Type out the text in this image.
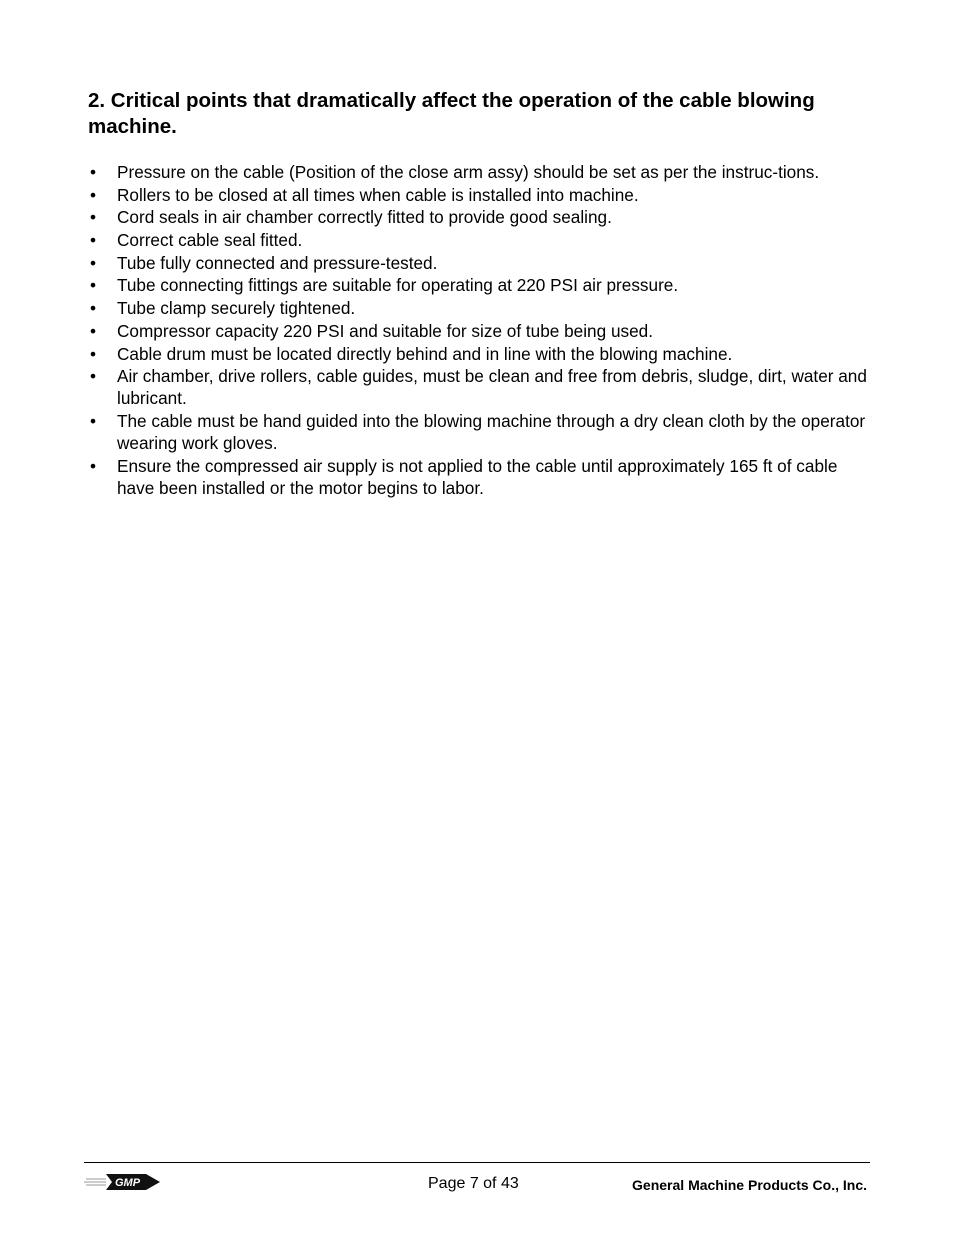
2. Critical points that dramatically affect the operation of the cable blowing machine.
•	Pressure on the cable (Position of the close arm assy) should be set as per the instruc-tions.
•	Rollers to be closed at all times when cable is installed into machine.
•	Cord seals in air chamber correctly fitted to provide good sealing.
•	Correct cable seal fitted.
•	Tube fully connected and pressure-tested.
•	Tube connecting fittings are suitable for operating at 220 PSI air pressure.
•	Tube clamp securely tightened.
•	Compressor capacity 220 PSI and suitable for size of tube being used.
•	Cable drum must be located directly behind and in line with the blowing machine.
•	Air chamber, drive rollers, cable guides, must be clean and free from debris, sludge, dirt, water and lubricant.
•	The cable must be hand guided into the blowing machine through a dry clean cloth by the operator wearing work gloves.
•	Ensure the compressed air supply is not applied to the cable until approximately 165 ft of cable have been installed or the motor begins to labor.
GMP	Page 7 of 43	General Machine Products Co., Inc.
